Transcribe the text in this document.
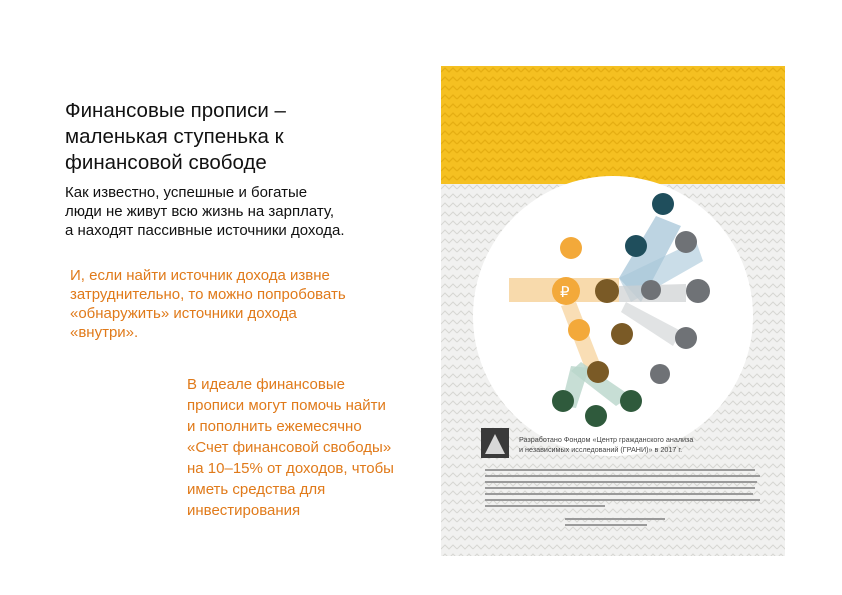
Финансовые прописи – маленькая ступенька к финансовой свободе
Как известно, успешные и богатые люди не живут всю жизнь на зарплату, а находят пассивные источники дохода.
И, если найти источник дохода извне затруднительно, то можно попробовать «обнаружить» источники дохода «внутри».
В идеале финансовые прописи могут помочь найти и пополнить ежемесячно «Счет финансовой свободы» на 10–15% от доходов, чтобы иметь средства для инвестирования
₽
Разработано Фондом «Центр гражданского анализа
и независимых исследований (ГРАНИ)» в 2017 г.
